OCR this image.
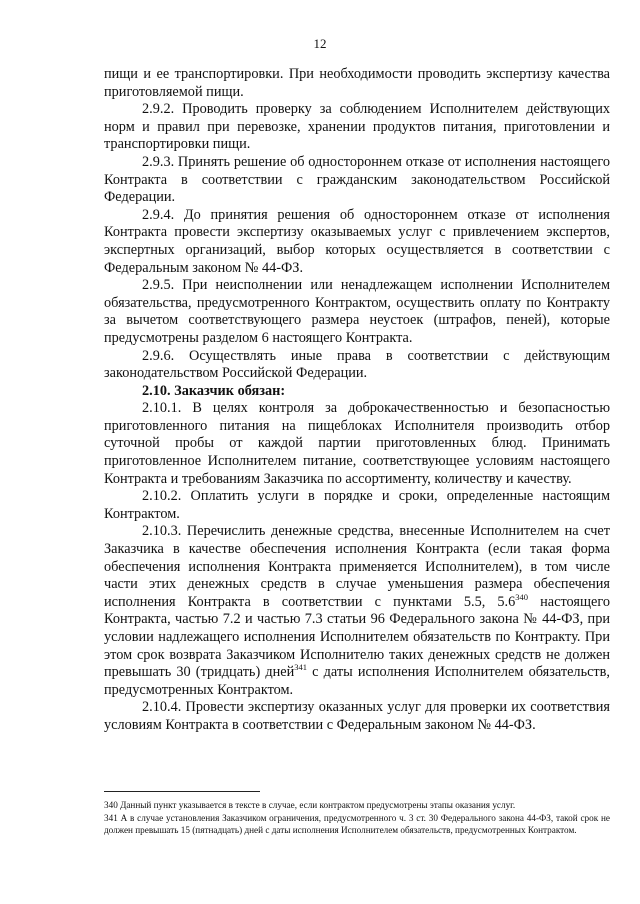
12

пищи и ее транспортировки. При необходимости проводить экспертизу качества приготовляемой пищи.

2.9.2. Проводить проверку за соблюдением Исполнителем действующих норм и правил при перевозке, хранении продуктов питания, приготовлении и транспортировки пищи.

2.9.3. Принять решение об одностороннем отказе от исполнения настоящего Контракта в соответствии с гражданским законодательством Российской Федерации.

2.9.4. До принятия решения об одностороннем отказе от исполнения Контракта провести экспертизу оказываемых услуг с привлечением экспертов, экспертных организаций, выбор которых осуществляется в соответствии с Федеральным законом № 44-ФЗ.

2.9.5. При неисполнении или ненадлежащем исполнении Исполнителем обязательства, предусмотренного Контрактом, осуществить оплату по Контракту за вычетом соответствующего размера неустоек (штрафов, пеней), которые предусмотрены разделом 6 настоящего Контракта.

2.9.6. Осуществлять иные права в соответствии с действующим законодательством Российской Федерации.

2.10. Заказчик обязан:

2.10.1. В целях контроля за доброкачественностью и безопасностью приготовленного питания на пищеблоках Исполнителя производить отбор суточной пробы от каждой партии приготовленных блюд. Принимать приготовленное Исполнителем питание, соответствующее условиям настоящего Контракта и требованиям Заказчика по ассортименту, количеству и качеству.

2.10.2. Оплатить услуги в порядке и сроки, определенные настоящим Контрактом.

2.10.3. Перечислить денежные средства, внесенные Исполнителем на счет Заказчика в качестве обеспечения исполнения Контракта (если такая форма обеспечения исполнения Контракта применяется Исполнителем), в том числе части этих денежных средств в случае уменьшения размера обеспечения исполнения Контракта в соответствии с пунктами 5.5, $5.6^{340}$ настоящего Контракта, частью 7.2 и частью 7.3 статьи 96 Федерального закона № 44-ФЗ, при условии надлежащего исполнения Исполнителем обязательств по Контракту. При этом срок возврата Заказчиком Исполнителю таких денежных средств не должен превышать 30 (тридцать) дней$^{341}$ с даты исполнения Исполнителем обязательств, предусмотренных Контрактом.

2.10.4. Провести экспертизу оказанных услуг для проверки их соответствия условиям Контракта в соответствии с Федеральным законом № 44-ФЗ.

340 Данный пункт указывается в тексте в случае, если контрактом предусмотрены этапы оказания услуг.

341 А в случае установления Заказчиком ограничения, предусмотренного ч. 3 ст. 30 Федерального закона 44-ФЗ, такой срок не должен превышать 15 (пятнадцать) дней с даты исполнения Исполнителем обязательств, предусмотренных Контрактом.
